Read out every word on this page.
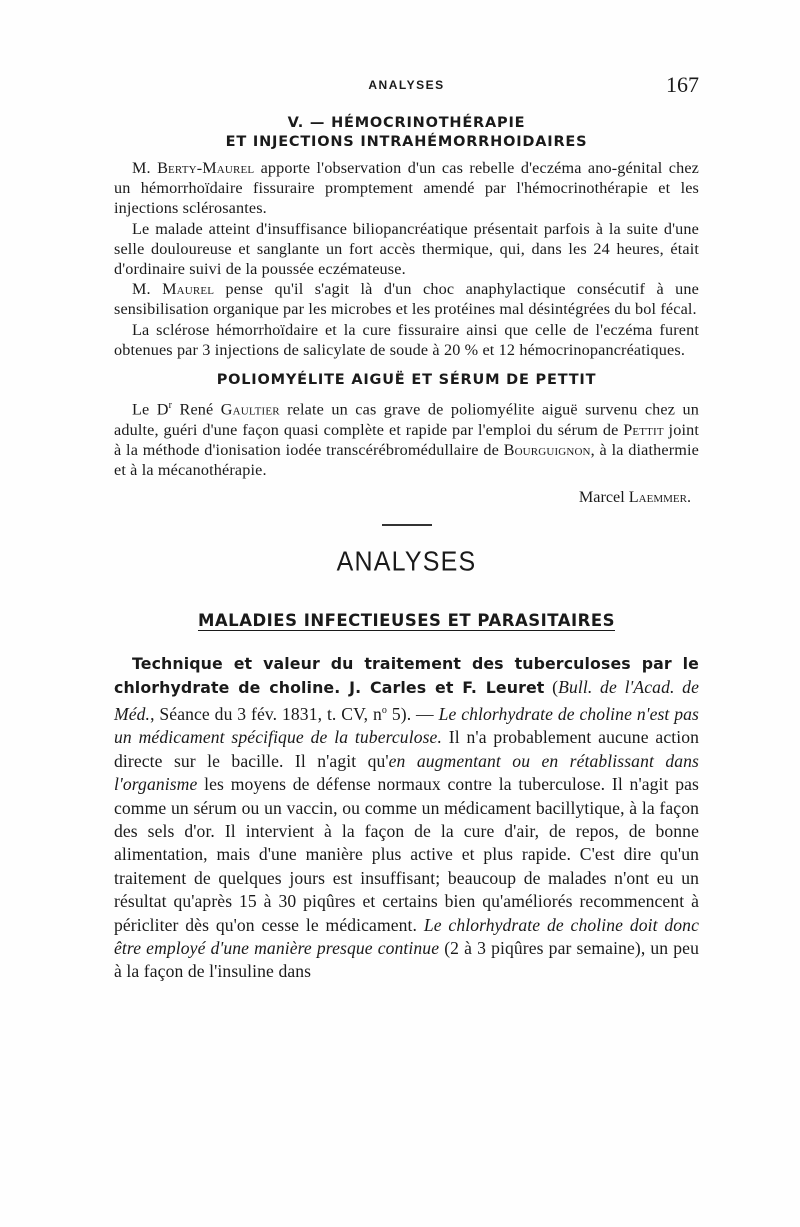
ANALYSES	167
V. — HÉMOCRINOTHÉRAPIE
ET INJECTIONS INTRAHÉMORRHOIDAIRES

M. Berty-Maurel apporte l'observation d'un cas rebelle d'eczéma ano-génital chez un hémorrhoïdaire fissuraire promptement amendé par l'hémocrinothérapie et les injections sclérosantes.

Le malade atteint d'insuffisance biliopancréatique présentait parfois à la suite d'une selle douloureuse et sanglante un fort accès thermique, qui, dans les 24 heures, était d'ordinaire suivi de la poussée eczémateuse.

M. Maurel pense qu'il s'agit là d'un choc anaphylactique consécutif à une sensibilisation organique par les microbes et les protéines mal désintégrées du bol fécal.

La sclérose hémorrhoïdaire et la cure fissuraire ainsi que celle de l'eczéma furent obtenues par 3 injections de salicylate de soude à 20 % et 12 hémocrinopancréatiques.

POLIOMYÉLITE AIGUË ET SÉRUM DE PETTIT

Le $D^r$ René Gaultier relate un cas grave de poliomyélite aiguë survenu chez un adulte, guéri d'une façon quasi complète et rapide par l'emploi du sérum de Pettit joint à la méthode d'ionisation iodée transcérébromédullaire de Bourguignon, à la diathermie et à la mécanothérapie.

Marcel Laemmer.
ANALYSES
MALADIES INFECTIEUSES ET PARASITAIRES

Technique et valeur du traitement des tuberculoses par le chlorhydrate de choline. J. Carles et F. Leuret (Bull. de l'Acad. de Méd., Séance du 3 fév. 1831, t. CV, $n^o$ 5). — Le chlorhydrate de choline n'est pas un médicament spécifique de la tuberculose. Il n'a probablement aucune action directe sur le bacille. Il n'agit qu'en augmentant ou en rétablissant dans l'organisme les moyens de défense normaux contre la tuberculose. Il n'agit pas comme un sérum ou un vaccin, ou comme un médicament bacillytique, à la façon des sels d'or. Il intervient à la façon de la cure d'air, de repos, de bonne alimentation, mais d'une manière plus active et plus rapide. C'est dire qu'un traitement de quelques jours est insuffisant; beaucoup de malades n'ont eu un résultat qu'après 15 à 30 piqûres et certains bien qu'améliorés recommencent à péricliter dès qu'on cesse le médicament. Le chlorhydrate de choline doit donc être employé d'une manière presque continue (2 à 3 piqûres par semaine), un peu à la façon de l'insuline dans
